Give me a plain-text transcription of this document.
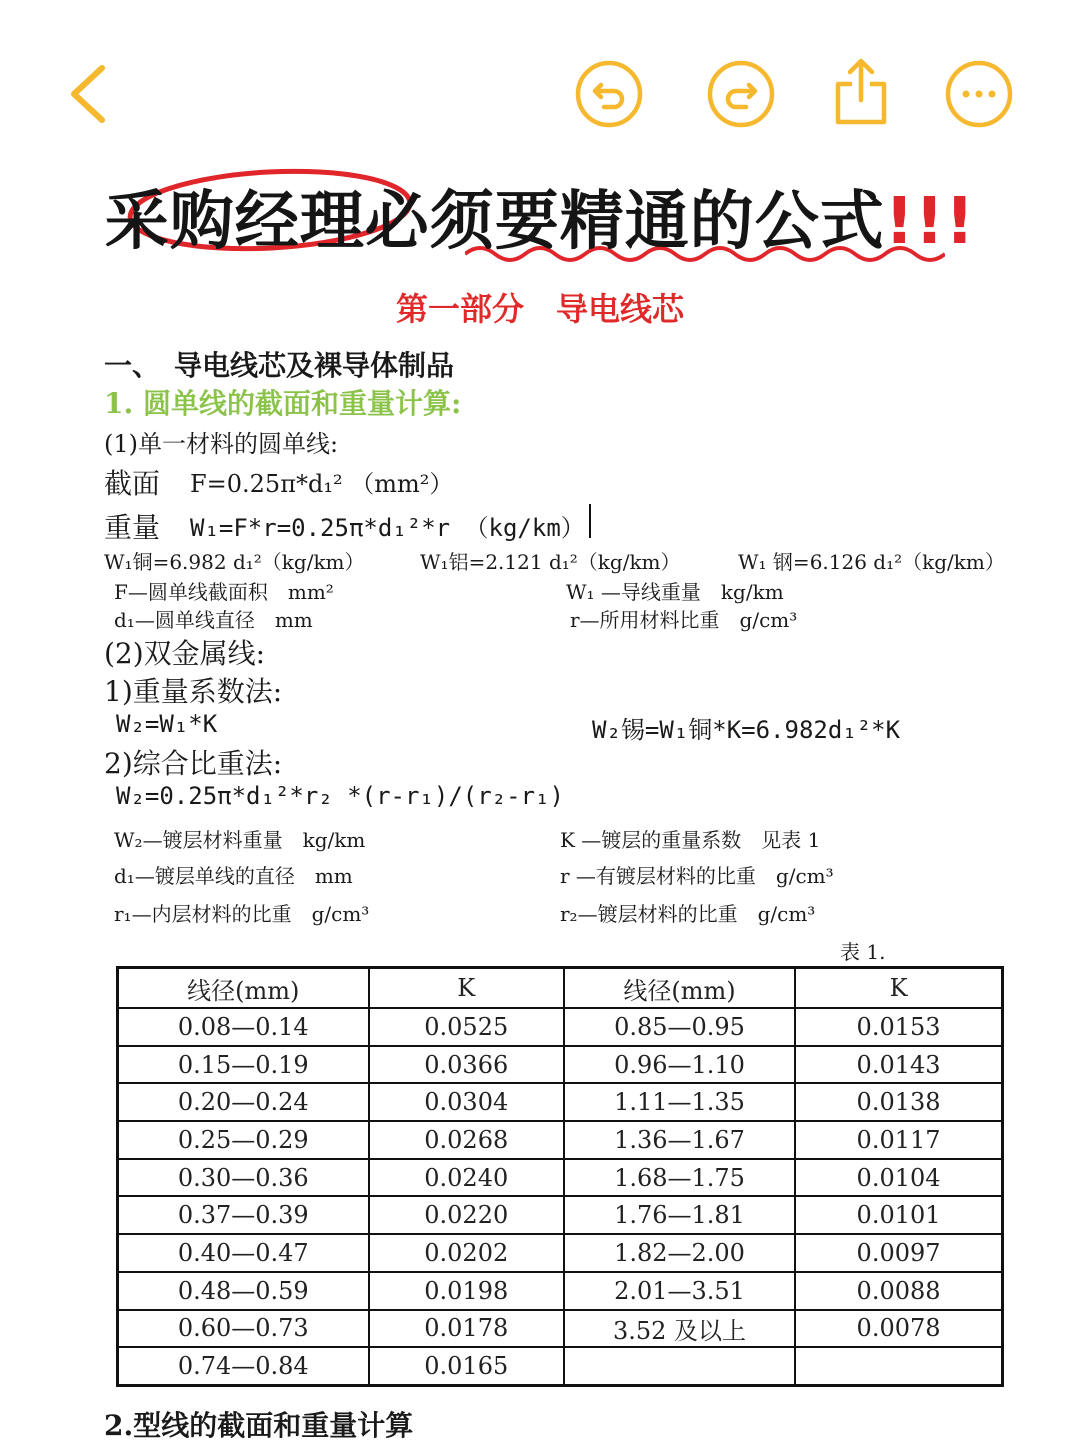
采购经理必须要精通的公式!!!
第一部分　导电线芯
一、　导电线芯及裸导体制品
1. 圆单线的截面和重量计算:
(1)单一材料的圆单线:
截面 F=0.25π*d₁² （mm²）
重量 W₁=F*r=0.25π*d₁²*r （kg/km）
W₁铜=6.982 d₁²（kg/km）	W₁铝=2.121 d₁²（kg/km）	W₁ 钢=6.126 d₁²（kg/km）
F—圆单线截面积　mm²	W₁ —导线重量　kg/km
d₁—圆单线直径　mm	r—所用材料比重　g/cm³
(2)双金属线:
1)重量系数法:
W₂=W₁*K	W₂锡=W₁铜*K=6.982d₁²*K
2)综合比重法:
W₂=0.25π*d₁²*r₂ *(r-r₁)/(r₂-r₁)
W₂—镀层材料重量　kg/km	K —镀层的重量系数　见表 1
d₁—镀层单线的直径　mm	r —有镀层材料的比重　g/cm³
r₁—内层材料的比重　g/cm³	r₂—镀层材料的比重　g/cm³
表 1.
线径(mm)	K	线径(mm)	K
0.08—0.14	0.0525	0.85—0.95	0.0153
0.15—0.19	0.0366	0.96—1.10	0.0143
0.20—0.24	0.0304	1.11—1.35	0.0138
0.25—0.29	0.0268	1.36—1.67	0.0117
0.30—0.36	0.0240	1.68—1.75	0.0104
0.37—0.39	0.0220	1.76—1.81	0.0101
0.40—0.47	0.0202	1.82—2.00	0.0097
0.48—0.59	0.0198	2.01—3.51	0.0088
0.60—0.73	0.0178	3.52 及以上	0.0078
0.74—0.84	0.0165		
2.型线的截面和重量计算
